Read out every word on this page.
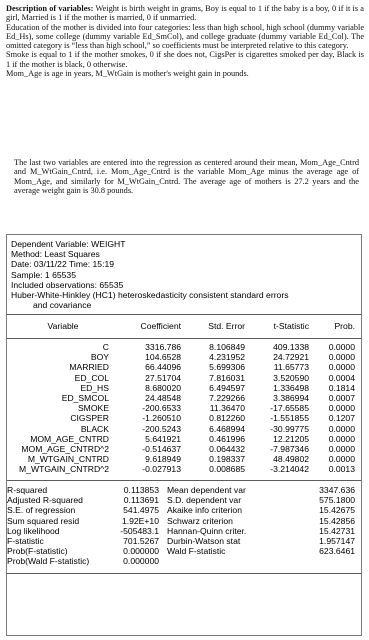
Description of variables: Weight is birth weight in grams, Boy is equal to 1 if the baby is a boy, 0 if it is a girl, Married is 1 if the mother is married, 0 if unmarried.

Education of the mother is divided into four categories: less than high school, high school (dummy variable Ed_Hs), some college (dummy variable Ed_SmCol), and college graduate (dummy variable Ed_Col). The omitted category is “less than high school,” so coefficients must be interpreted relative to this category.

Smoke is equal to 1 if the mother smokes, 0 if she does not, CigsPer is cigarettes smoked per day, Black is 1 if the mother is black, 0 otherwise.

Mom_Age is age in years, M_WtGain is mother's weight gain in pounds.

The last two variables are entered into the regression as centered around their mean, Mom_Age_Cntrd and M_WtGain_Cntrd, i.e. Mom_Age_Cntrd is the variable Mom_Age minus the average age of Mom_Age, and similarly for M_WtGain_Cntrd. The average age of mothers is 27.2 years and the average weight gain is 30.8 pounds.
Dependent Variable: WEIGHT
Method: Least Squares
Date: 03/11/22 Time: 15:19
Sample: 1 65535
Included observations: 65535
Huber-White-Hinkley (HC1) heteroskedasticity consistent standard errors
and covariance
Variable	Coefficient	Std. Error	t-Statistic	Prob.
C	3316.786	8.106849	409.1338	0.0000
BOY	104.6528	4.231952	24.72921	0.0000
MARRIED	66.44096	5.699306	11.65773	0.0000
ED_COL	27.51704	7.816031	3.520590	0.0004
ED_HS	8.680020	6.494597	1.336498	0.1814
ED_SMCOL	24.48548	7.229266	3.386994	0.0007
SMOKE	-200.6533	11.36470	-17.65585	0.0000
CIGSPER	-1.260510	0.812260	-1.551855	0.1207
BLACK	-200.5243	6.468994	-30.99775	0.0000
MOM_AGE_CNTRD	5.641921	0.461996	12.21205	0.0000
MOM_AGE_CNTRD^2	-0.514637	0.064432	-7.987346	0.0000
M_WTGAIN_CNTRD	9.618949	0.198337	48.49802	0.0000
M_WTGAIN_CNTRD^2	-0.027913	0.008685	-3.214042	0.0013
R-squared	0.113853		Mean dependent var	3347.636
Adjusted R-squared	0.113691		S.D. dependent var	575.1800
S.E. of regression	541.4975		Akaike info criterion	15.42675
Sum squared resid	1.92E+10		Schwarz criterion	15.42856
Log likelihood	-505483.1		Hannan-Quinn criter.	15.42731
F-statistic	701.5267		Durbin-Watson stat	1.957147
Prob(F-statistic)	0.000000		Wald F-statistic	623.6461
Prob(Wald F-statistic)	0.000000			
